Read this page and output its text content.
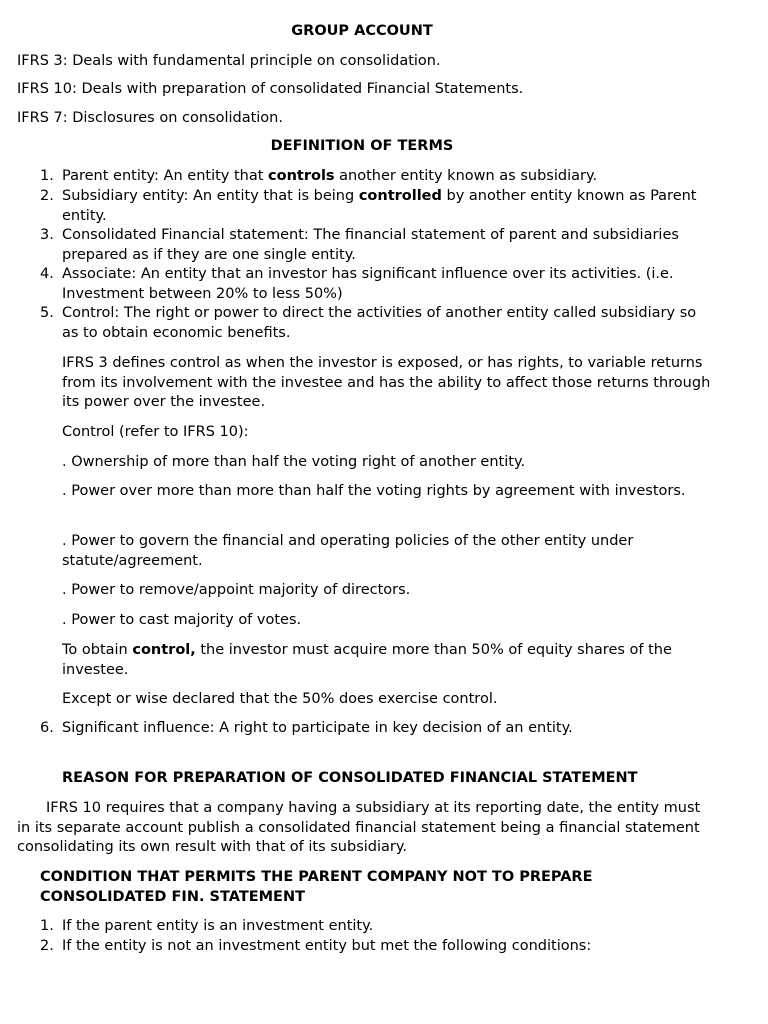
GROUP ACCOUNT

IFRS 3: Deals with fundamental principle on consolidation.

IFRS 10: Deals with preparation of consolidated Financial Statements.

IFRS 7: Disclosures on consolidation.

DEFINITION OF TERMS

1. Parent entity: An entity that controls another entity known as subsidiary.

2. Subsidiary entity: An entity that is being controlled by another entity known as Parent entity.

3. Consolidated Financial statement: The financial statement of parent and subsidiaries prepared as if they are one single entity.

4. Associate: An entity that an investor has significant influence over its activities. (i.e. Investment between 20% to less 50%)

5. Control: The right or power to direct the activities of another entity called subsidiary so as to obtain economic benefits.

IFRS 3 defines control as when the investor is exposed, or has rights, to variable returns from its involvement with the investee and has the ability to affect those returns through its power over the investee.

Control (refer to IFRS 10):

. Ownership of more than half the voting right of another entity.

. Power over more than more than half the voting rights by agreement with investors.

. Power to govern the financial and operating policies of the other entity under statute/agreement.

. Power to remove/appoint majority of directors.

. Power to cast majority of votes.

To obtain control, the investor must acquire more than 50% of equity shares of the investee.

Except or wise declared that the 50% does exercise control.

6. Significant influence: A right to participate in key decision of an entity.

REASON FOR PREPARATION OF CONSOLIDATED FINANCIAL STATEMENT

IFRS 10 requires that a company having a subsidiary at its reporting date, the entity must in its separate account publish a consolidated financial statement being a financial statement consolidating its own result with that of its subsidiary.

CONDITION THAT PERMITS THE PARENT COMPANY NOT TO PREPARE CONSOLIDATED FIN. STATEMENT

1. If the parent entity is an investment entity.

2. If the entity is not an investment entity but met the following conditions:
